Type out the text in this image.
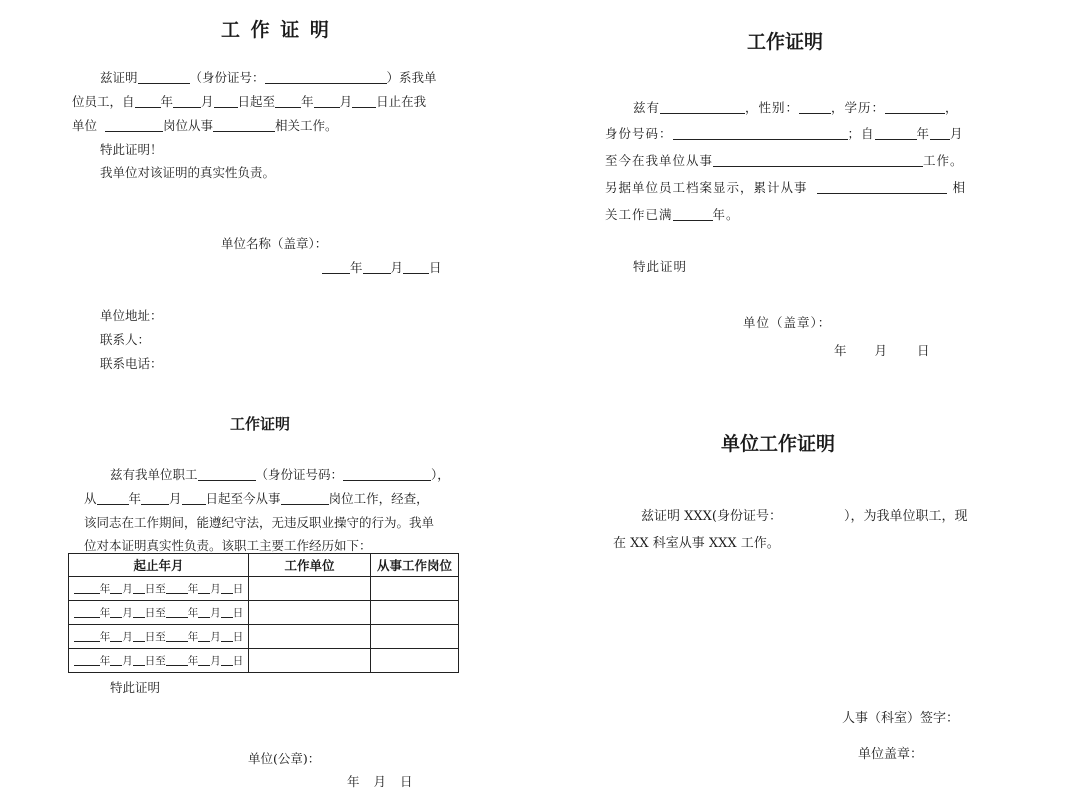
工 作 证 明
兹证明	（身份证号：	）系我单
位员工，自 年 月 日起至 年 月 日止在我
单位	岗位从事	相关工作。
特此证明！
我单位对该证明的真实性负责。
单位名称（盖章）：
年 月 日
单位地址：
联系人：
联系电话：
工作证明
兹有	，性别：	，学历：	，
身份号码：	；自	年 月
至今在我单位从事	工作。
另据单位员工档案显示，累计从事	相
关工作已满	年。
特此证明
单位（盖章）：
年 月 日
工作证明
兹有我单位职工	（身份证号码：	），
从	年 月 日起至今从事	岗位工作，经查，
该同志在工作期间，能遵纪守法，无违反职业操守的行为。我单
位对本证明真实性负责。该职工主要工作经历如下：
起止年月	工作单位	从事工作岗位
年 月 日至 年 月 日		
年 月 日至 年 月 日		
年 月 日至 年 月 日		
年 月 日至 年 月 日		
特此证明
单位(公章)：
年 月 日
单位工作证明
兹证明 XXX(身份证号：	），为我单位职工，现
在 XX 科室从事 XXX 工作。
人事（科室）签字：
单位盖章：
